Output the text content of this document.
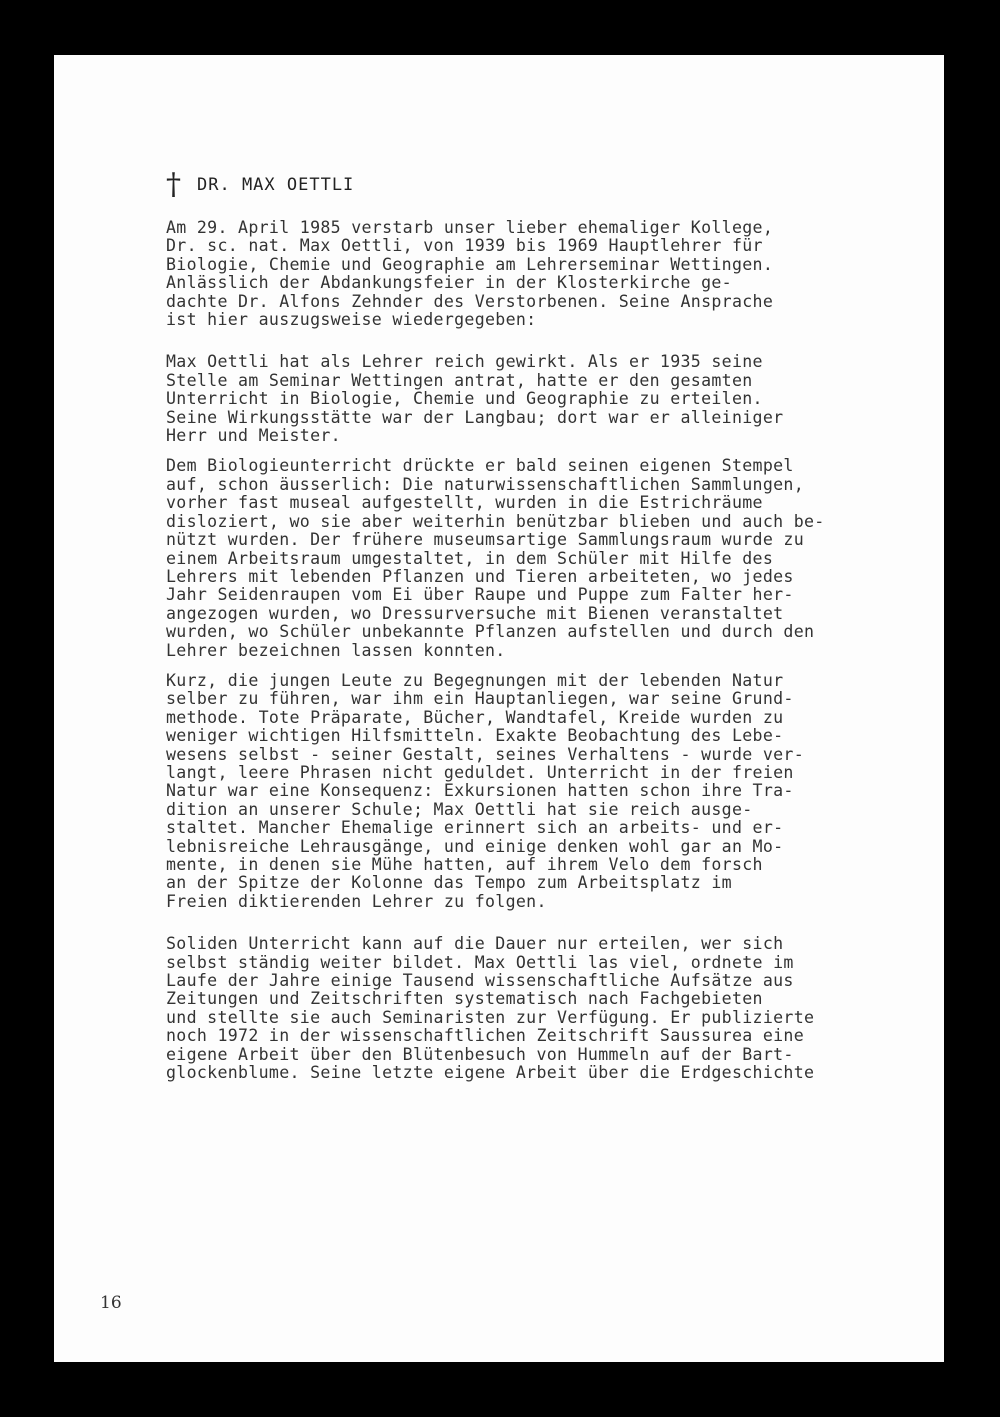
† DR. MAX OETTLI
Am 29. April 1985 verstarb unser lieber ehemaliger Kollege,
Dr. sc. nat. Max Oettli, von 1939 bis 1969 Hauptlehrer für
Biologie, Chemie und Geographie am Lehrerseminar Wettingen.
Anlässlich der Abdankungsfeier in der Klosterkirche ge-
dachte Dr. Alfons Zehnder des Verstorbenen. Seine Ansprache
ist hier auszugsweise wiedergegeben:
Max Oettli hat als Lehrer reich gewirkt. Als er 1935 seine
Stelle am Seminar Wettingen antrat, hatte er den gesamten
Unterricht in Biologie, Chemie und Geographie zu erteilen.
Seine Wirkungsstätte war der Langbau; dort war er alleiniger
Herr und Meister.
Dem Biologieunterricht drückte er bald seinen eigenen Stempel
auf, schon äusserlich: Die naturwissenschaftlichen Sammlungen,
vorher fast museal aufgestellt, wurden in die Estrichräume
disloziert, wo sie aber weiterhin benützbar blieben und auch be-
nützt wurden. Der frühere museumsartige Sammlungsraum wurde zu
einem Arbeitsraum umgestaltet, in dem Schüler mit Hilfe des
Lehrers mit lebenden Pflanzen und Tieren arbeiteten, wo jedes
Jahr Seidenraupen vom Ei über Raupe und Puppe zum Falter her-
angezogen wurden, wo Dressurversuche mit Bienen veranstaltet
wurden, wo Schüler unbekannte Pflanzen aufstellen und durch den
Lehrer bezeichnen lassen konnten.
Kurz, die jungen Leute zu Begegnungen mit der lebenden Natur
selber zu führen, war ihm ein Hauptanliegen, war seine Grund-
methode. Tote Präparate, Bücher, Wandtafel, Kreide wurden zu
weniger wichtigen Hilfsmitteln. Exakte Beobachtung des Lebe-
wesens selbst - seiner Gestalt, seines Verhaltens - wurde ver-
langt, leere Phrasen nicht geduldet. Unterricht in der freien
Natur war eine Konsequenz: Exkursionen hatten schon ihre Tra-
dition an unserer Schule; Max Oettli hat sie reich ausge-
staltet. Mancher Ehemalige erinnert sich an arbeits- und er-
lebnisreiche Lehrausgänge, und einige denken wohl gar an Mo-
mente, in denen sie Mühe hatten, auf ihrem Velo dem forsch
an der Spitze der Kolonne das Tempo zum Arbeitsplatz im
Freien diktierenden Lehrer zu folgen.
Soliden Unterricht kann auf die Dauer nur erteilen, wer sich
selbst ständig weiter bildet. Max Oettli las viel, ordnete im
Laufe der Jahre einige Tausend wissenschaftliche Aufsätze aus
Zeitungen und Zeitschriften systematisch nach Fachgebieten
und stellte sie auch Seminaristen zur Verfügung. Er publizierte
noch 1972 in der wissenschaftlichen Zeitschrift Saussurea eine
eigene Arbeit über den Blütenbesuch von Hummeln auf der Bart-
glockenblume. Seine letzte eigene Arbeit über die Erdgeschichte
16
